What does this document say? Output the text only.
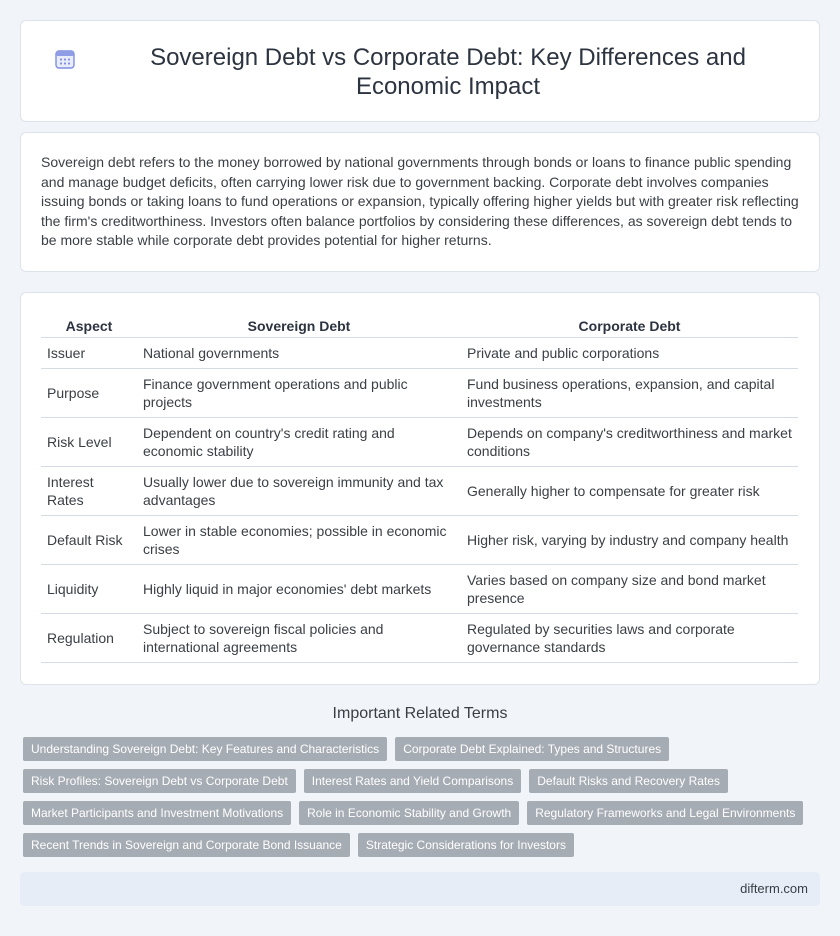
Sovereign Debt vs Corporate Debt: Key Differences and Economic Impact

Sovereign debt refers to the money borrowed by national governments through bonds or loans to finance public spending and manage budget deficits, often carrying lower risk due to government backing. Corporate debt involves companies issuing bonds or taking loans to fund operations or expansion, typically offering higher yields but with greater risk reflecting the firm's creditworthiness. Investors often balance portfolios by considering these differences, as sovereign debt tends to be more stable while corporate debt provides potential for higher returns.

Aspect	Sovereign Debt	Corporate Debt
Issuer	National governments	Private and public corporations
Purpose	Finance government operations and public projects	Fund business operations, expansion, and capital investments
Risk Level	Dependent on country's credit rating and economic stability	Depends on company's creditworthiness and market conditions
Interest Rates	Usually lower due to sovereign immunity and tax advantages	Generally higher to compensate for greater risk
Default Risk	Lower in stable economies; possible in economic crises	Higher risk, varying by industry and company health
Liquidity	Highly liquid in major economies' debt markets	Varies based on company size and bond market presence
Regulation	Subject to sovereign fiscal policies and international agreements	Regulated by securities laws and corporate governance standards
Important Related Terms
Understanding Sovereign Debt: Key Features and Characteristics	Corporate Debt Explained: Types and Structures
Risk Profiles: Sovereign Debt vs Corporate Debt	Interest Rates and Yield Comparisons	Default Risks and Recovery Rates
Market Participants and Investment Motivations	Role in Economic Stability and Growth	Regulatory Frameworks and Legal Environments
Recent Trends in Sovereign and Corporate Bond Issuance	Strategic Considerations for Investors
difterm.com
